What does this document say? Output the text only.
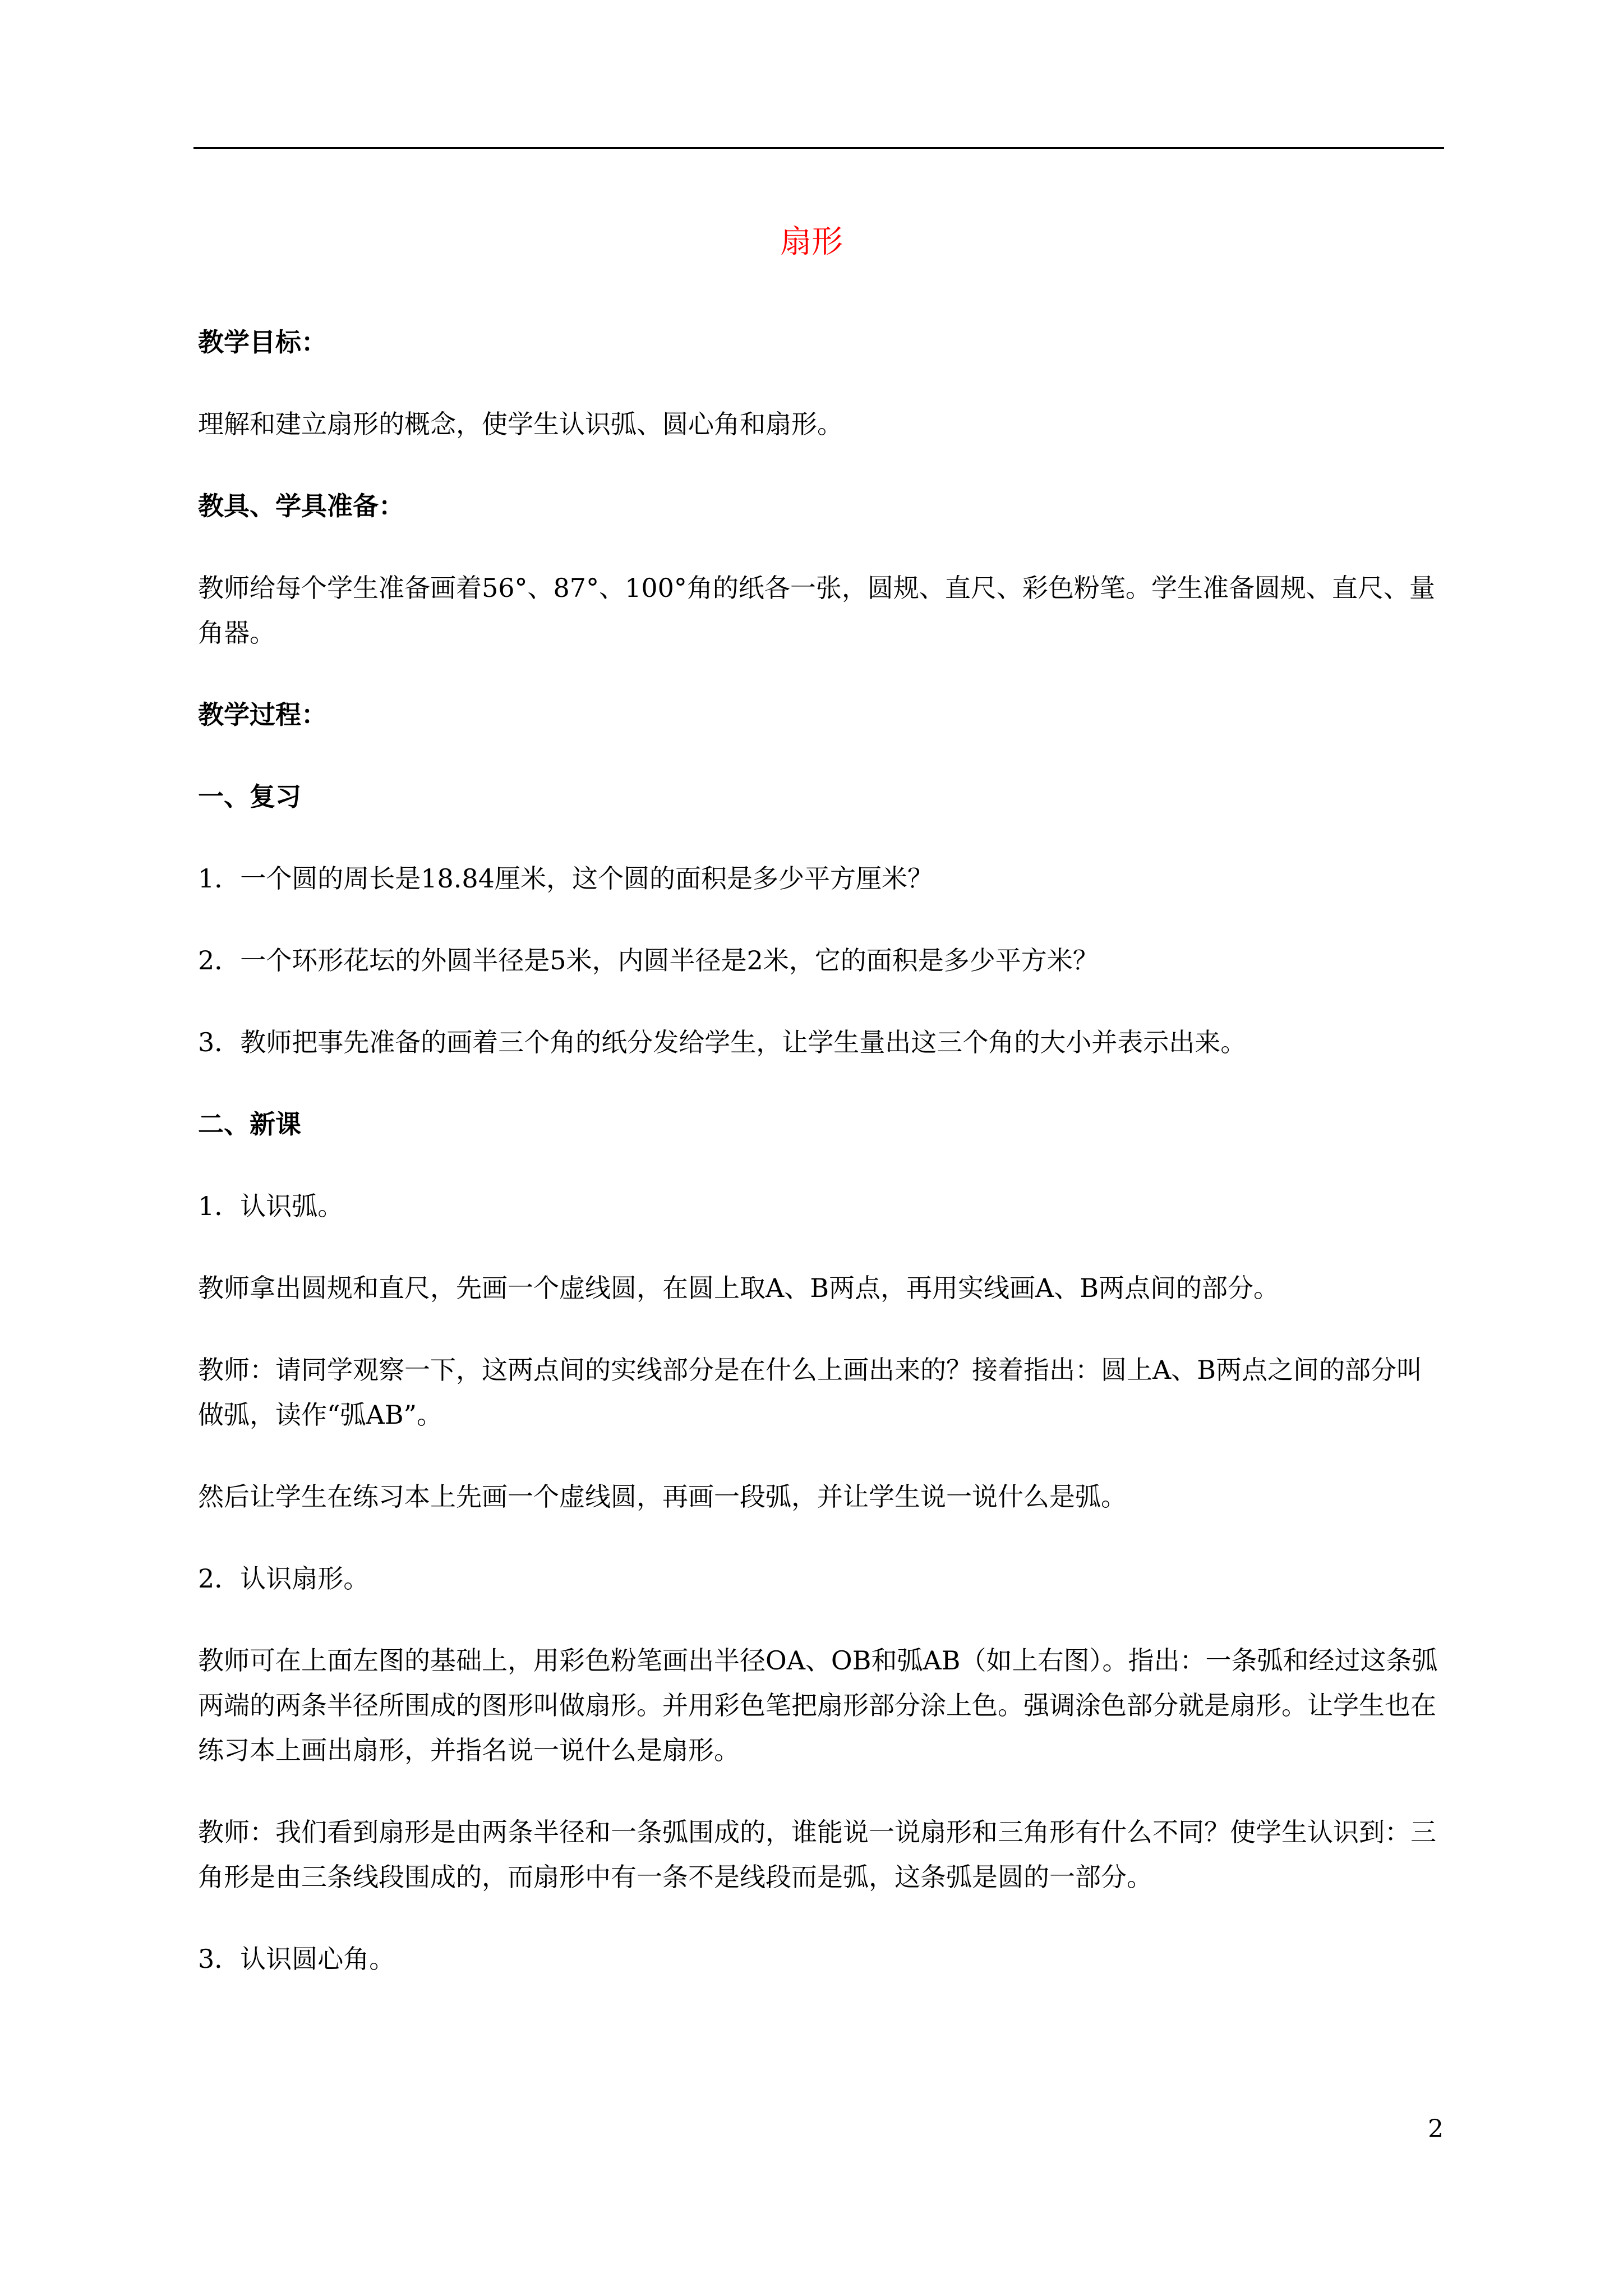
扇形

教学目标：

理解和建立扇形的概念，使学生认识弧、圆心角和扇形。

教具、学具准备：

教师给每个学生准备画着56°、87°、100°角的纸各一张，圆规、直尺、彩色粉笔。学生准备圆规、直尺、量角器。

教学过程：

一、复习

1．一个圆的周长是18.84厘米，这个圆的面积是多少平方厘米？

2．一个环形花坛的外圆半径是5米，内圆半径是2米，它的面积是多少平方米？

3．教师把事先准备的画着三个角的纸分发给学生，让学生量出这三个角的大小并表示出来。

二、新课

1．认识弧。

教师拿出圆规和直尺，先画一个虚线圆，在圆上取A、B两点，再用实线画A、B两点间的部分。

教师：请同学观察一下，这两点间的实线部分是在什么上画出来的？接着指出：圆上A、B两点之间的部分叫做弧，读作“弧AB”。

然后让学生在练习本上先画一个虚线圆，再画一段弧，并让学生说一说什么是弧。

2．认识扇形。

教师可在上面左图的基础上，用彩色粉笔画出半径OA、OB和弧AB（如上右图）。指出：一条弧和经过这条弧两端的两条半径所围成的图形叫做扇形。并用彩色笔把扇形部分涂上色。强调涂色部分就是扇形。让学生也在练习本上画出扇形，并指名说一说什么是扇形。

教师：我们看到扇形是由两条半径和一条弧围成的，谁能说一说扇形和三角形有什么不同？使学生认识到：三角形是由三条线段围成的，而扇形中有一条不是线段而是弧，这条弧是圆的一部分。

3．认识圆心角。

2
